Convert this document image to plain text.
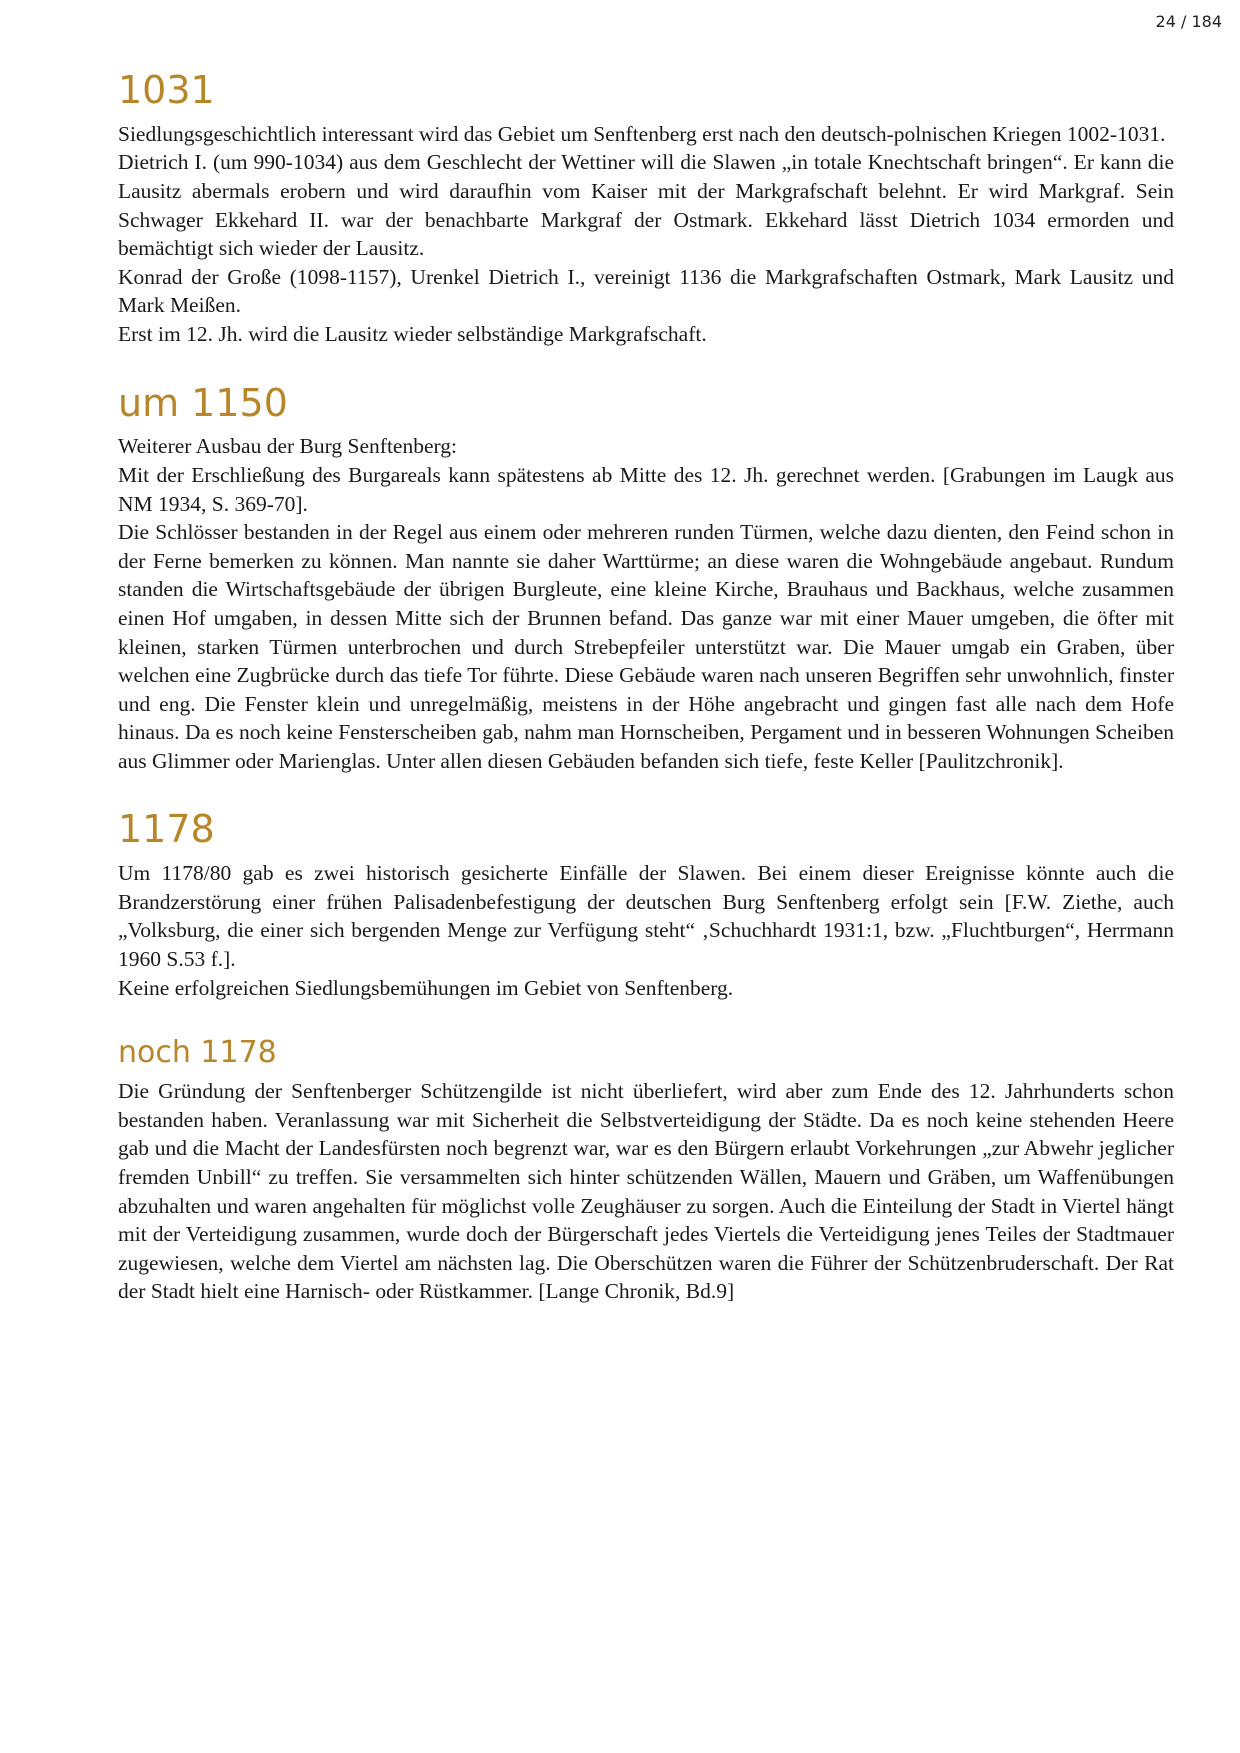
24 / 184
1031

Siedlungsgeschichtlich interessant wird das Gebiet um Senftenberg erst nach den deutsch-polnischen Kriegen 1002-1031.

Dietrich I. (um 990-1034) aus dem Geschlecht der Wettiner will die Slawen „in totale Knechtschaft bringen“. Er kann die Lausitz abermals erobern und wird daraufhin vom Kaiser mit der Markgrafschaft belehnt. Er wird Markgraf. Sein Schwager Ekkehard II. war der benachbarte Markgraf der Ostmark. Ekkehard lässt Dietrich 1034 ermorden und bemächtigt sich wieder der Lausitz.

Konrad der Große (1098-1157), Urenkel Dietrich I., vereinigt 1136 die Markgrafschaften Ostmark, Mark Lausitz und Mark Meißen.

Erst im 12. Jh. wird die Lausitz wieder selbständige Markgrafschaft.

um 1150

Weiterer Ausbau der Burg Senftenberg:

Mit der Erschließung des Burgareals kann spätestens ab Mitte des 12. Jh. gerechnet werden. [Grabungen im Laugk aus NM 1934, S. 369-70].

Die Schlösser bestanden in der Regel aus einem oder mehreren runden Türmen, welche dazu dienten, den Feind schon in der Ferne bemerken zu können. Man nannte sie daher Warttürme; an diese waren die Wohngebäude angebaut. Rundum standen die Wirtschaftsgebäude der übrigen Burgleute, eine kleine Kirche, Brauhaus und Backhaus, welche zusammen einen Hof umgaben, in dessen Mitte sich der Brunnen befand. Das ganze war mit einer Mauer umgeben, die öfter mit kleinen, starken Türmen unterbrochen und durch Strebepfeiler unterstützt war. Die Mauer umgab ein Graben, über welchen eine Zugbrücke durch das tiefe Tor führte. Diese Gebäude waren nach unseren Begriffen sehr unwohnlich, finster und eng. Die Fenster klein und unregelmäßig, meistens in der Höhe angebracht und gingen fast alle nach dem Hofe hinaus. Da es noch keine Fensterscheiben gab, nahm man Hornscheiben, Pergament und in besseren Wohnungen Scheiben aus Glimmer oder Marienglas. Unter allen diesen Gebäuden befanden sich tiefe, feste Keller [Paulitzchronik].

1178

Um 1178/80 gab es zwei historisch gesicherte Einfälle der Slawen. Bei einem dieser Ereignisse könnte auch die Brandzerstörung einer frühen Palisadenbefestigung der deutschen Burg Senftenberg erfolgt sein [F.W. Ziethe, auch „Volksburg, die einer sich bergenden Menge zur Verfügung steht“ ‚Schuchhardt 1931:1, bzw. „Fluchtburgen“, Herrmann 1960 S.53 f.].

Keine erfolgreichen Siedlungsbemühungen im Gebiet von Senftenberg.

noch 1178

Die Gründung der Senftenberger Schützengilde ist nicht überliefert, wird aber zum Ende des 12. Jahrhunderts schon bestanden haben. Veranlassung war mit Sicherheit die Selbstverteidigung der Städte. Da es noch keine stehenden Heere gab und die Macht der Landesfürsten noch begrenzt war, war es den Bürgern erlaubt Vorkehrungen „zur Abwehr jeglicher fremden Unbill“ zu treffen. Sie versammelten sich hinter schützenden Wällen, Mauern und Gräben, um Waffenübungen abzuhalten und waren angehalten für möglichst volle Zeughäuser zu sorgen. Auch die Einteilung der Stadt in Viertel hängt mit der Verteidigung zusammen, wurde doch der Bürgerschaft jedes Viertels die Verteidigung jenes Teiles der Stadtmauer zugewiesen, welche dem Viertel am nächsten lag. Die Oberschützen waren die Führer der Schützenbruderschaft. Der Rat der Stadt hielt eine Harnisch- oder Rüstkammer. [Lange Chronik, Bd.9]
